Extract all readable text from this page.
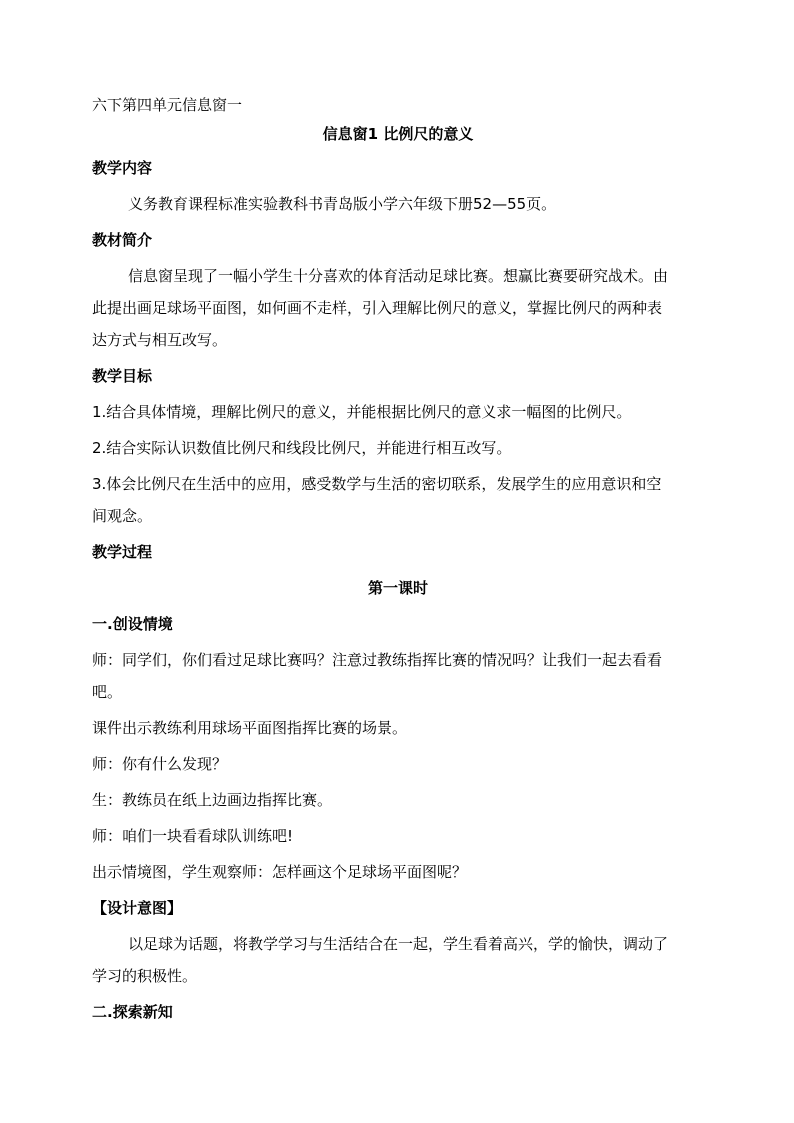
六下第四单元信息窗一
信息窗1 比例尺的意义
教学内容
义务教育课程标准实验教科书青岛版小学六年级下册52—55页。
教材简介
信息窗呈现了一幅小学生十分喜欢的体育活动足球比赛。想赢比赛要研究战术。由
此提出画足球场平面图，如何画不走样，引入理解比例尺的意义，掌握比例尺的两种表
达方式与相互改写。
教学目标
1.结合具体情境，理解比例尺的意义，并能根据比例尺的意义求一幅图的比例尺。
2.结合实际认识数值比例尺和线段比例尺，并能进行相互改写。
3.体会比例尺在生活中的应用，感受数学与生活的密切联系，发展学生的应用意识和空
间观念。
教学过程
第一课时
一.创设情境
师：同学们，你们看过足球比赛吗？注意过教练指挥比赛的情况吗？让我们一起去看看
吧。
课件出示教练利用球场平面图指挥比赛的场景。
师：你有什么发现？
生：教练员在纸上边画边指挥比赛。
师：咱们一块看看球队训练吧!
出示情境图，学生观察师：怎样画这个足球场平面图呢？
【设计意图】
以足球为话题，将教学学习与生活结合在一起，学生看着高兴，学的愉快，调动了
学习的积极性。
二.探索新知
